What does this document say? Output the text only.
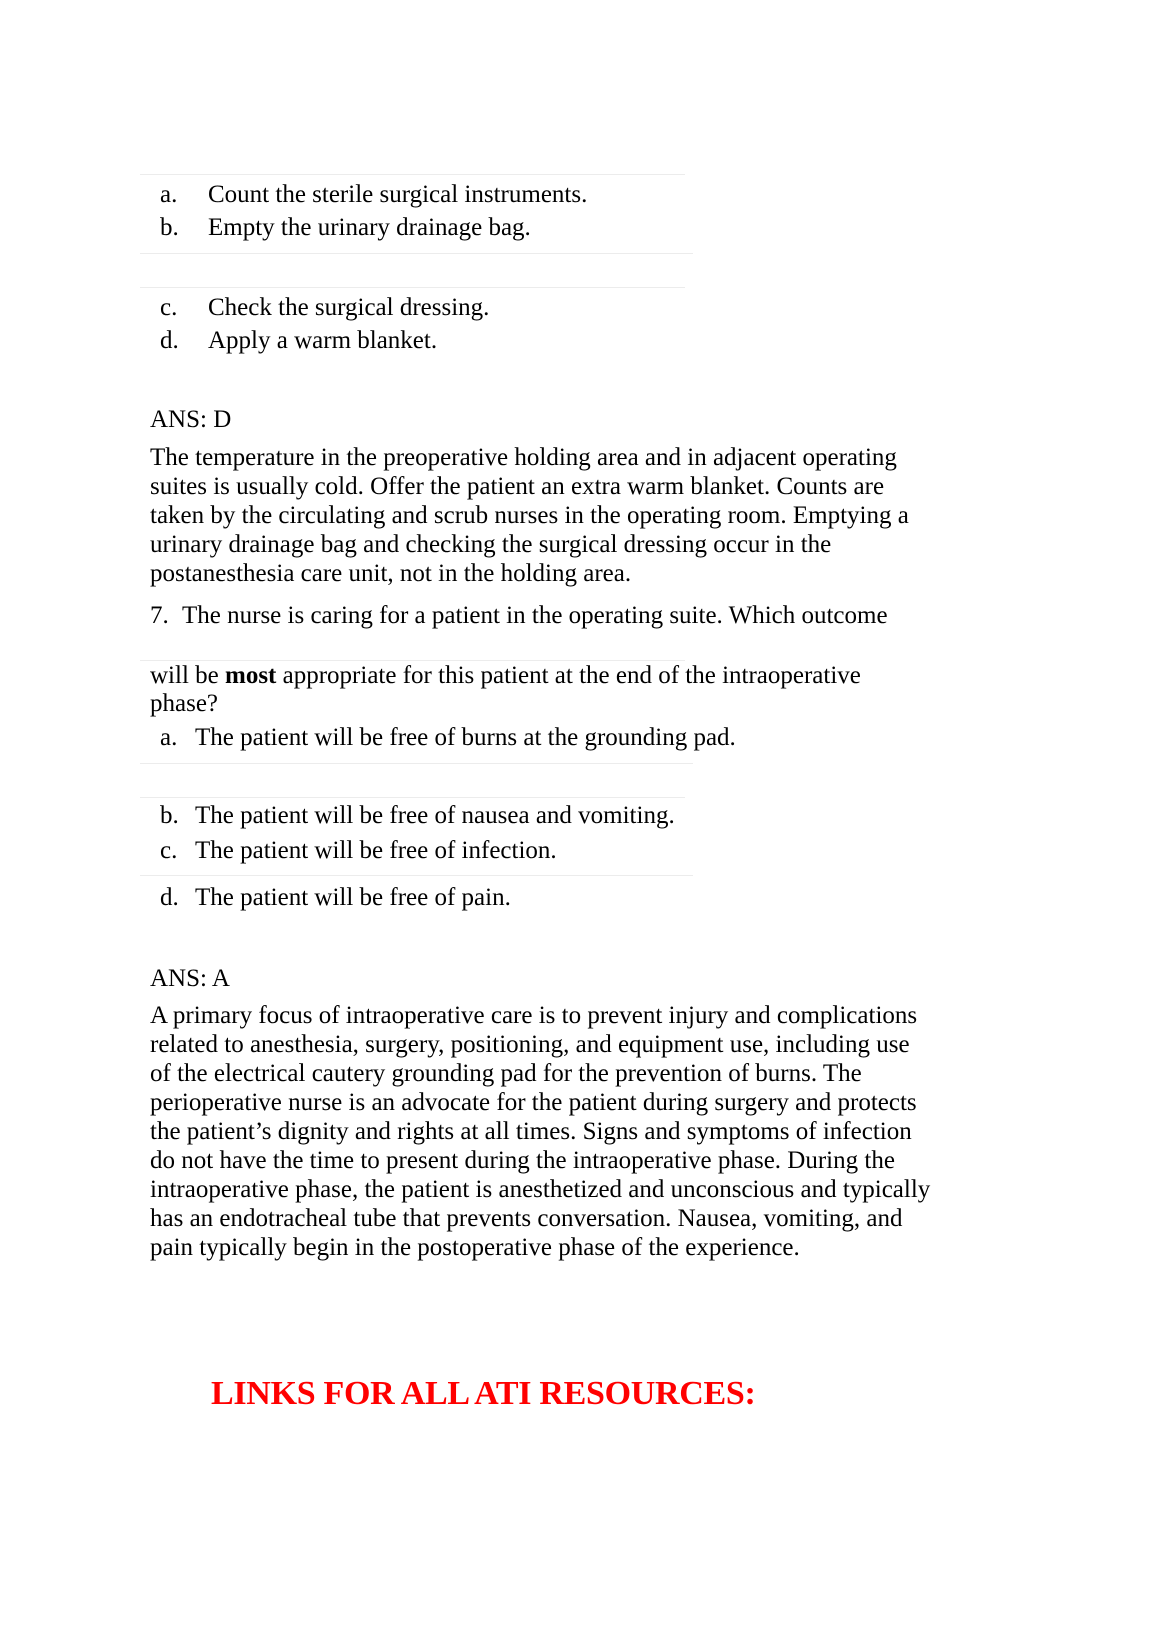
a. Count the sterile surgical instruments.
b. Empty the urinary drainage bag.
c. Check the surgical dressing.
d. Apply a warm blanket.
ANS: D
The temperature in the preoperative holding area and in adjacent operating
suites is usually cold. Offer the patient an extra warm blanket. Counts are
taken by the circulating and scrub nurses in the operating room. Emptying a
urinary drainage bag and checking the surgical dressing occur in the
postanesthesia care unit, not in the holding area.
7. The nurse is caring for a patient in the operating suite. Which outcome
will be most appropriate for this patient at the end of the intraoperative
phase?
a. The patient will be free of burns at the grounding pad.
b. The patient will be free of nausea and vomiting.
c. The patient will be free of infection.
d. The patient will be free of pain.
ANS: A
A primary focus of intraoperative care is to prevent injury and complications
related to anesthesia, surgery, positioning, and equipment use, including use
of the electrical cautery grounding pad for the prevention of burns. The
perioperative nurse is an advocate for the patient during surgery and protects
the patient’s dignity and rights at all times. Signs and symptoms of infection
do not have the time to present during the intraoperative phase. During the
intraoperative phase, the patient is anesthetized and unconscious and typically
has an endotracheal tube that prevents conversation. Nausea, vomiting, and
pain typically begin in the postoperative phase of the experience.
LINKS FOR ALL ATI RESOURCES:
